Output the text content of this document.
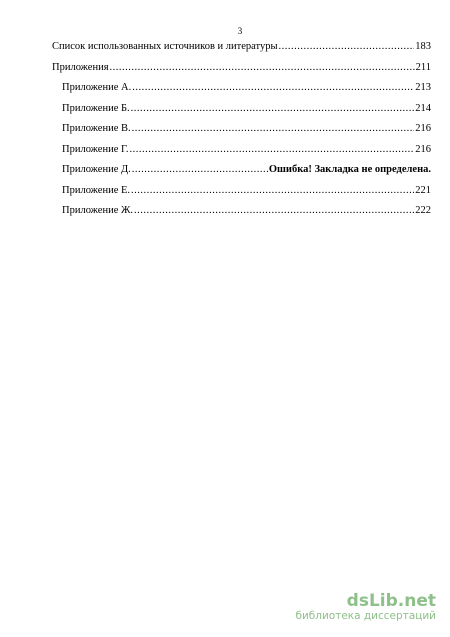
3
Список использованных источников и литературы .....	183
Приложения .....	211
Приложение А. .....	213
Приложение Б. .....	214
Приложение В. .....	216
Приложение Г. .....	216
Приложение Д. .....	Ошибка! Закладка не определена.
Приложение Е. .....	221
Приложение Ж. .....	222
dsLib.net
библиотека диссертаций
